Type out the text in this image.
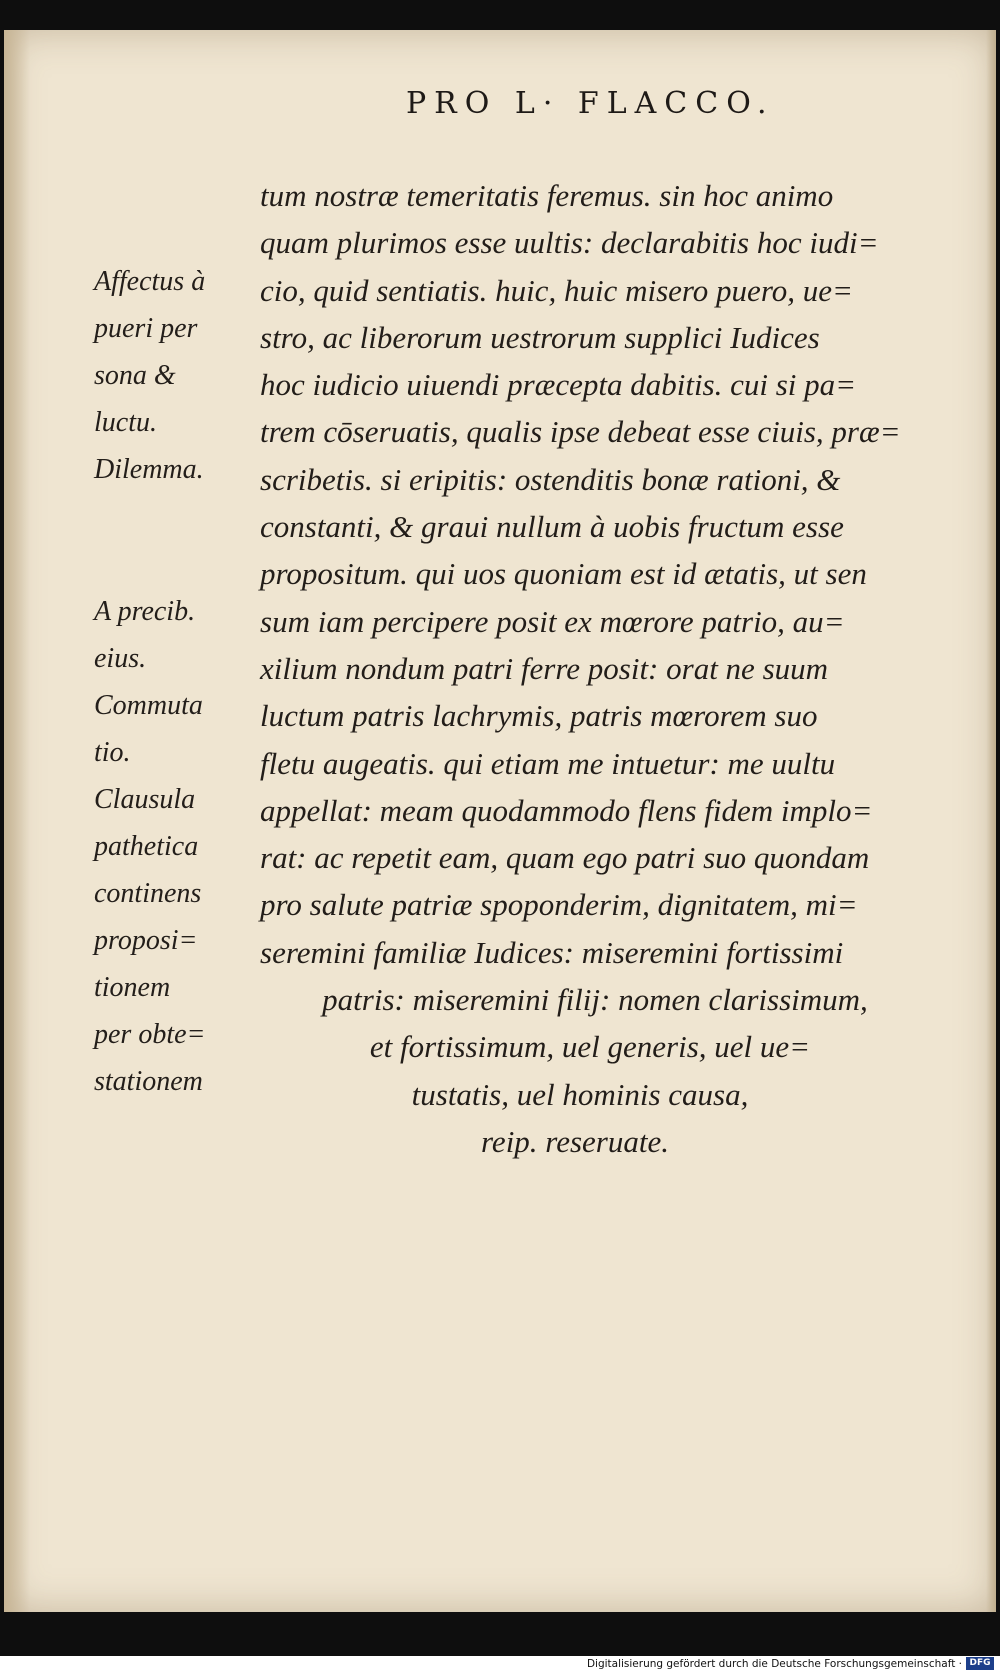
PRO L· FLACCO.
tum nostræ temeritatis feremus. sin hoc animo
quam plurimos esse uultis: declarabitis hoc iudi=
cio, quid sentiatis. huic, huic misero puero, ue=
stro, ac liberorum uestrorum supplici Iudices
hoc iudicio uiuendi præcepta dabitis. cui si pa=
trem cōseruatis, qualis ipse debeat esse ciuis, præ=
scribetis. si eripitis: ostenditis bonæ rationi, &
constanti, & graui nullum à uobis fructum esse
propositum. qui uos quoniam est id ætatis, ut sen
sum iam percipere posit ex mœrore patrio, au=
xilium nondum patri ferre posit: orat ne suum
luctum patris lachrymis, patris mœrorem suo
fletu augeatis. qui etiam me intuetur: me uultu
appellat: meam quodammodo flens fidem implo=
rat: ac repetit eam, quam ego patri suo quondam
pro salute patriæ spoponderim, dignitatem, mi=
seremini familiæ Iudices: miseremini fortissimi
patris: miseremini filij: nomen clarissimum,
et fortissimum, uel generis, uel ue=
tustatis, uel hominis causa,
reip. reseruate.
Affectus à
pueri per
sona &
luctu.
Dilemma.
A precib.
eius.
Commuta
tio.
Clausula
pathetica
continens
proposi=
tionem
per obte=
stationem
Digitalisierung gefördert durch die Deutsche Forschungsgemeinschaft · DFG
